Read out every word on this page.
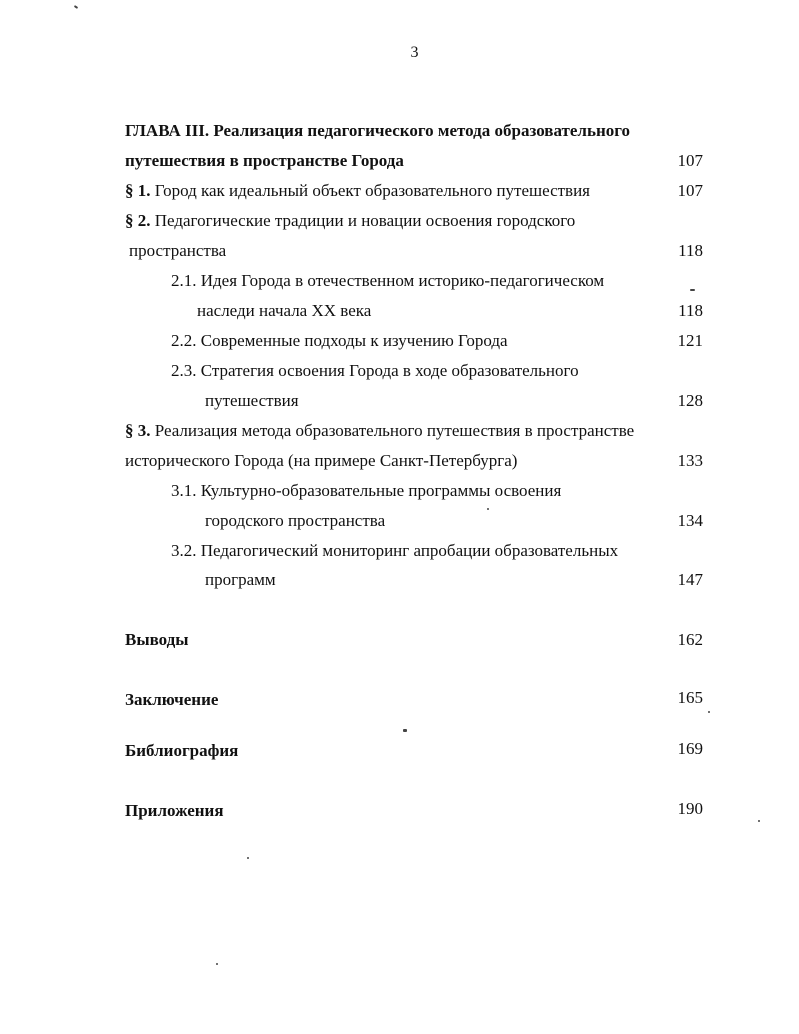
3
ГЛАВА III. Реализация педагогического метода образовательного
путешествия в пространстве Города	107
§ 1. Город как идеальный объект образовательного путешествия	107
§ 2. Педагогические традиции и новации освоения городского
пространства	118
2.1. Идея Города в отечественном историко-педагогическом
наследи начала XX века	118
2.2. Современные подходы к изучению Города	121
2.3. Стратегия освоения Города в ходе образовательного
путешествия	128
§ 3. Реализация метода образовательного путешествия в пространстве
исторического Города (на примере Санкт-Петербурга)	133
3.1. Культурно-образовательные программы освоения
городского пространства	134
3.2. Педагогический мониторинг апробации образовательных
программ	147
Выводы	162
Заключение	165
Библиография	169
Приложения	190
